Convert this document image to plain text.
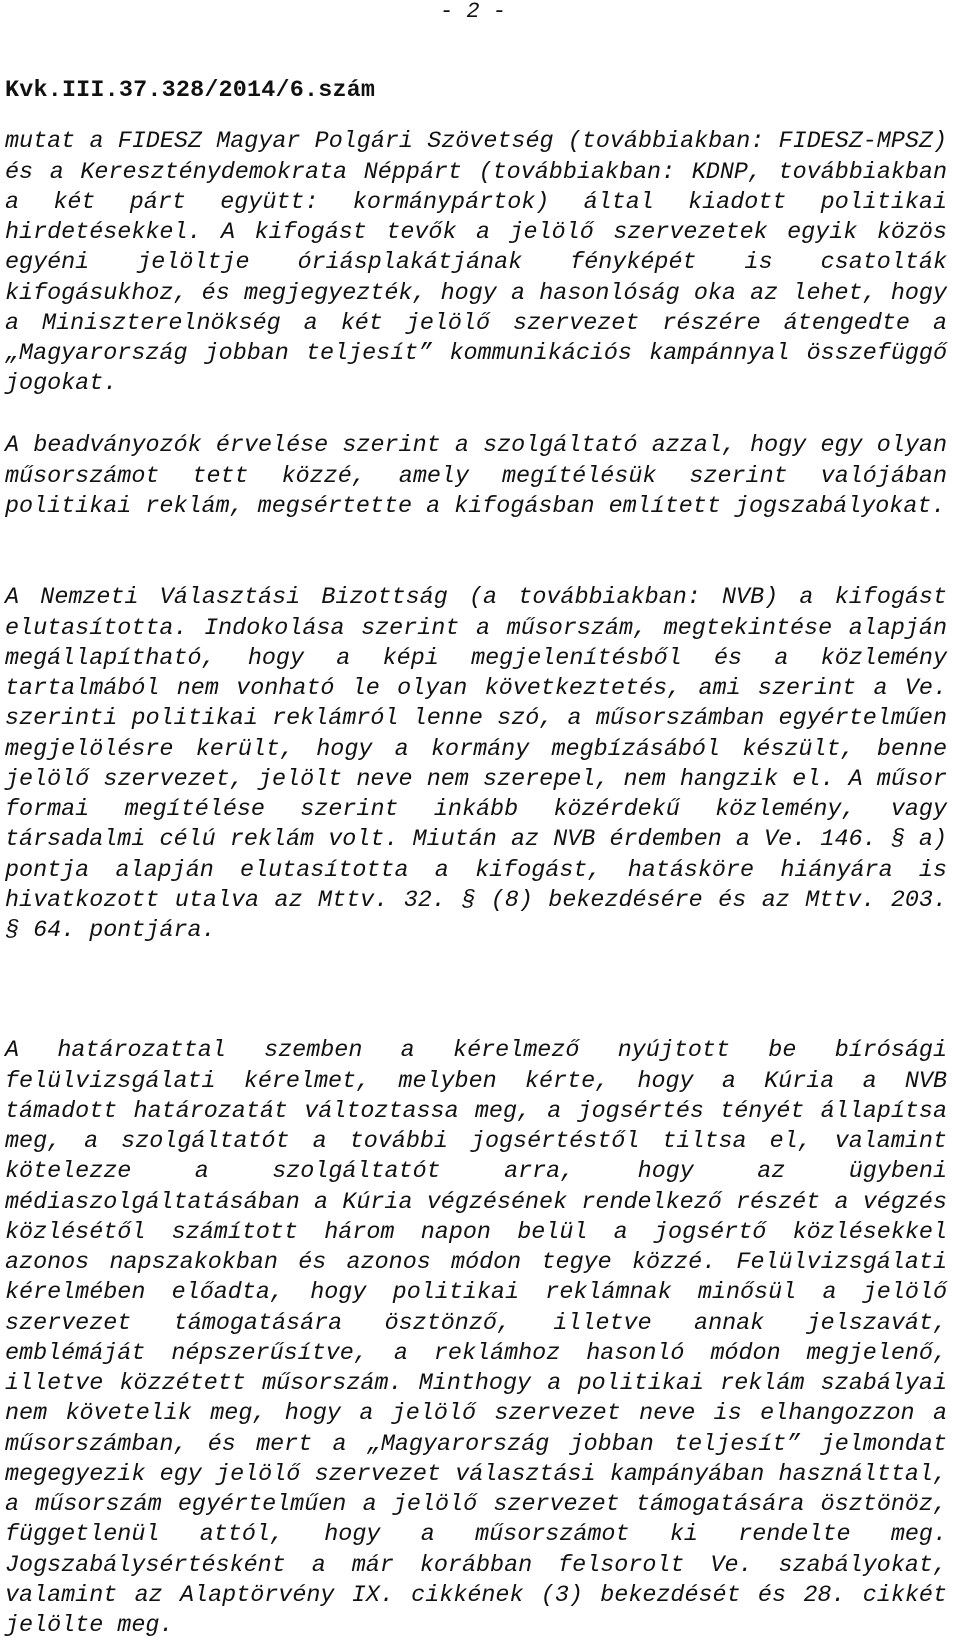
- 2 -
Kvk.III.37.328/2014/6.szám

mutat a FIDESZ Magyar Polgári Szövetség (továbbiakban: FIDESZ-MPSZ) és a Kereszténydemokrata Néppárt (továbbiakban: KDNP, továbbiakban a két párt együtt: kormánypártok) által kiadott politikai hirdetésekkel. A kifogást tevők a jelölő szervezetek egyik közös egyéni jelöltje óriásplakátjának fényképét is csatolták kifogásukhoz, és megjegyezték, hogy a hasonlóság oka az lehet, hogy a Miniszterelnökség a két jelölő szervezet részére átengedte a „Magyarország jobban teljesít” kommunikációs kampánnyal összefüggő jogokat.

A beadványozók érvelése szerint a szolgáltató azzal, hogy egy olyan műsorszámot tett közzé, amely megítélésük szerint valójában politikai reklám, megsértette a kifogásban említett jogszabályokat.

A Nemzeti Választási Bizottság (a továbbiakban: NVB) a kifogást elutasította. Indokolása szerint a műsorszám, megtekintése alapján megállapítható, hogy a képi megjelenítésből és a közlemény tartalmából nem vonható le olyan következtetés, ami szerint a Ve. szerinti politikai reklámról lenne szó, a műsorszámban egyértelműen megjelölésre került, hogy a kormány megbízásából készült, benne jelölő szervezet, jelölt neve nem szerepel, nem hangzik el. A műsor formai megítélése szerint inkább közérdekű közlemény, vagy társadalmi célú reklám volt. Miután az NVB érdemben a Ve. 146. § a) pontja alapján elutasította a kifogást, hatásköre hiányára is hivatkozott utalva az Mttv. 32. § (8) bekezdésére és az Mttv. 203. § 64. pontjára.

A határozattal szemben a kérelmező nyújtott be bírósági felülvizsgálati kérelmet, melyben kérte, hogy a Kúria a NVB támadott határozatát változtassa meg, a jogsértés tényét állapítsa meg, a szolgáltatót a további jogsértéstől tiltsa el, valamint kötelezze a szolgáltatót arra, hogy az ügybeni médiaszolgáltatásában a Kúria végzésének rendelkező részét a végzés közlésétől számított három napon belül a jogsértő közlésekkel azonos napszakokban és azonos módon tegye közzé. Felülvizsgálati kérelmében előadta, hogy politikai reklámnak minősül a jelölő szervezet támogatására ösztönző, illetve annak jelszavát, emblémáját népszerűsítve, a reklámhoz hasonló módon megjelenő, illetve közzétett műsorszám. Minthogy a politikai reklám szabályai nem követelik meg, hogy a jelölő szervezet neve is elhangozzon a műsorszámban, és mert a „Magyarország jobban teljesít” jelmondat megegyezik egy jelölő szervezet választási kampányában használttal, a műsorszám egyértelműen a jelölő szervezet támogatására ösztönöz, függetlenül attól, hogy a műsorszámot ki rendelte meg. Jogszabálysértésként a már korábban felsorolt Ve. szabályokat, valamint az Alaptörvény IX. cikkének (3) bekezdését és 28. cikkét jelölte meg.
